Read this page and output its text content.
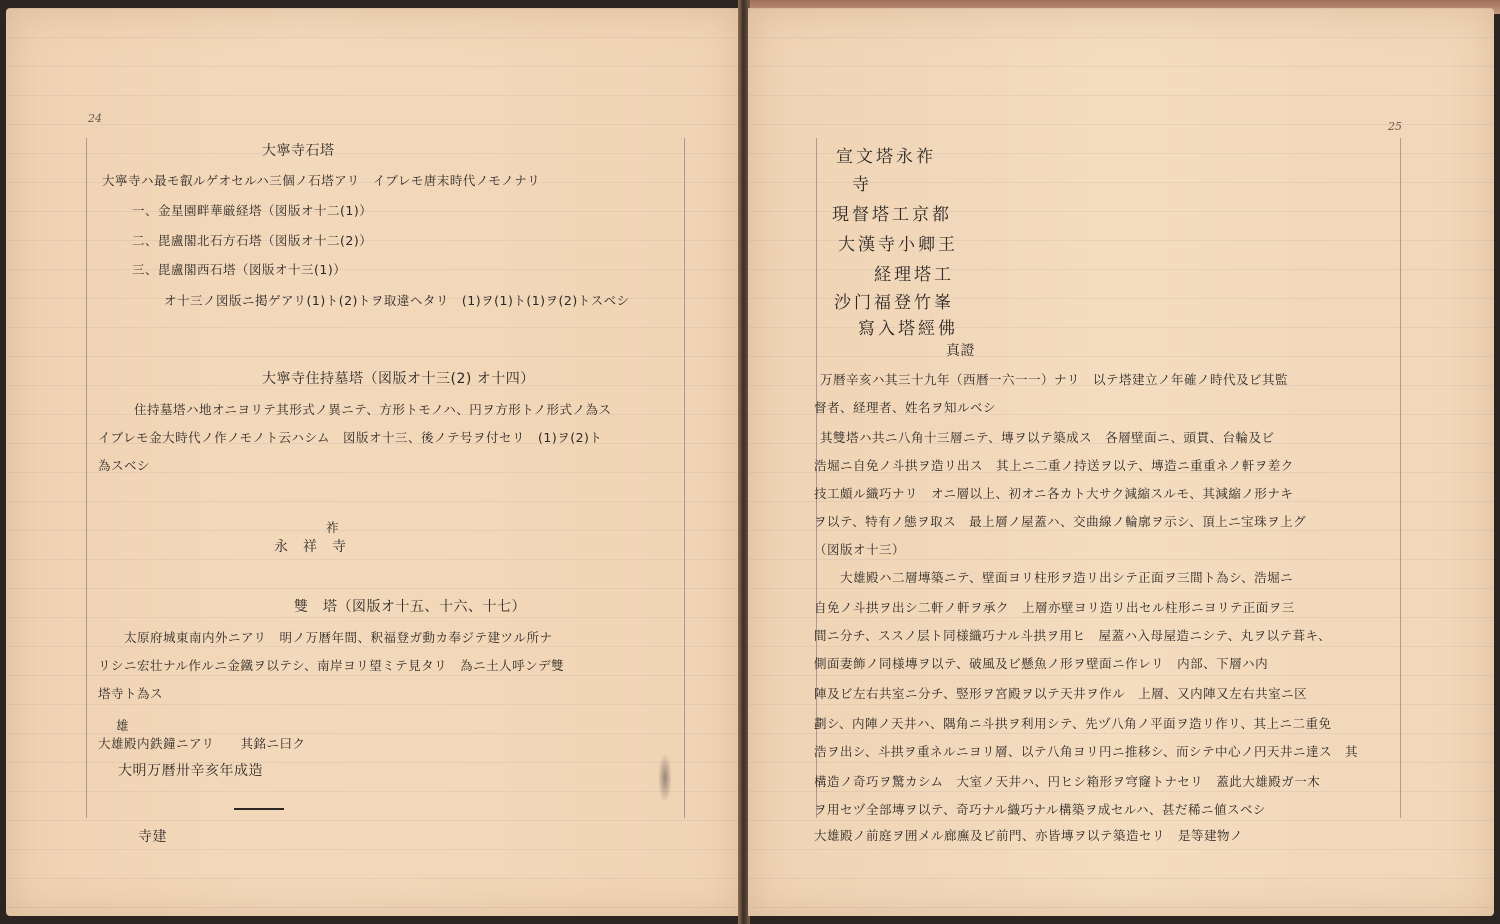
24
大寧寺石塔
大寧寺ハ最モ叡ルゲオセルハ三個ノ石塔アリ　イブレモ唐末時代ノモノナリ
一、金星園畔華厳経塔（図版オ十二(1)）
二、毘盧閣北石方石塔（図版オ十二(2)）
三、毘盧閣西石塔（図版オ十三(1)）
オ十三ノ図版ニ掲ゲアリ(1)ト(2)トヲ取違ヘタリ　(1)ヲ(1)ト(1)ヲ(2)トスベシ
大寧寺住持墓塔（図版オ十三(2) オ十四）
住持墓塔ハ地オニヨリテ其形式ノ異ニテ、方形トモノハ、円ヲ方形トノ形式ノ為ス
イブレモ金大時代ノ作ノモノト云ハシム　図版オ十三、後ノテ号ヲ付セリ　(1)ヲ(2)ト
為スベシ
祚
永　祥　寺
雙　塔（図版オ十五、十六、十七）
太原府城東南内外ニアリ　明ノ万暦年間、釈福登ガ動カ奉ジテ建ツル所ナ
リシニ宏壮ナル作ルニ金鐵ヲ以テシ、南岸ヨリ望ミテ見タリ　為ニ土人呼ンデ雙
塔寺ト為ス
雄
大雄殿内鉄鐘ニアリ　　其銘ニ曰ク
大明万暦卅辛亥年成造
寺建
25
宣文塔永祚
寺
現督塔工京都
大漢寺小卿王
経理塔工
沙门福登竹峯
寫入塔經佛
真證
万暦辛亥ハ其三十九年（西暦一六一一）ナリ　以テ塔建立ノ年確ノ時代及ビ其監
督者、経理者、姓名ヲ知ルベシ
其雙塔ハ共ニ八角十三層ニテ、塼ヲ以テ築成ス　各層壁面ニ、頭貫、台輪及ビ
浩堀ニ自免ノ斗拱ヲ造リ出ス　其上ニ二重ノ持送ヲ以テ、塼造ニ重重ネノ軒ヲ差ク
技工頗ル織巧ナリ　オニ層以上、初オニ各カト大サク減縮スルモ、其減縮ノ形ナキ
ヲ以テ、特有ノ態ヲ取ス　最上層ノ屋蓋ハ、交曲線ノ輪廓ヲ示シ、頂上ニ宝珠ヲ上グ
（図版オ十三）
大雄殿ハ二層塼築ニテ、壁面ヨリ柱形ヲ造リ出シテ正面ヲ三間ト為シ、浩堀ニ
自免ノ斗拱ヲ出シ二軒ノ軒ヲ承ク　上層亦壁ヨリ造リ出セル柱形ニヨリテ正面ヲ三
間ニ分チ、ススノ层ト同様織巧ナル斗拱ヲ用ヒ　屋蓋ハ入母屋造ニシテ、丸ヲ以テ葺キ、
側面妻飾ノ同様塼ヲ以テ、破風及ビ懸魚ノ形ヲ壁面ニ作レリ　内部、下層ハ内
陣及ビ左右共室ニ分チ、竪形ヲ宮殿ヲ以テ天井ヲ作ル　上層、又内陣又左右共室ニ区
劃シ、内陣ノ天井ハ、隅角ニ斗拱ヲ利用シテ、先ヅ八角ノ平面ヲ造リ作リ、其上ニ二重免
浩ヲ出シ、斗拱ヲ重ネルニヨリ層、以テ八角ヨリ円ニ推移シ、而シテ中心ノ円天井ニ達ス　其
構造ノ奇巧ヲ驚カシム　大室ノ天井ハ、円ヒシ箱形ヲ穹窿トナセリ　蓋此大雄殿ガ一木
ヲ用セヅ全部塼ヲ以テ、奇巧ナル織巧ナル構築ヲ成セルハ、甚だ稀ニ値スベシ
大雄殿ノ前庭ヲ囲メル廊廡及ビ前門、亦皆塼ヲ以テ築造セリ　是等建物ノ
